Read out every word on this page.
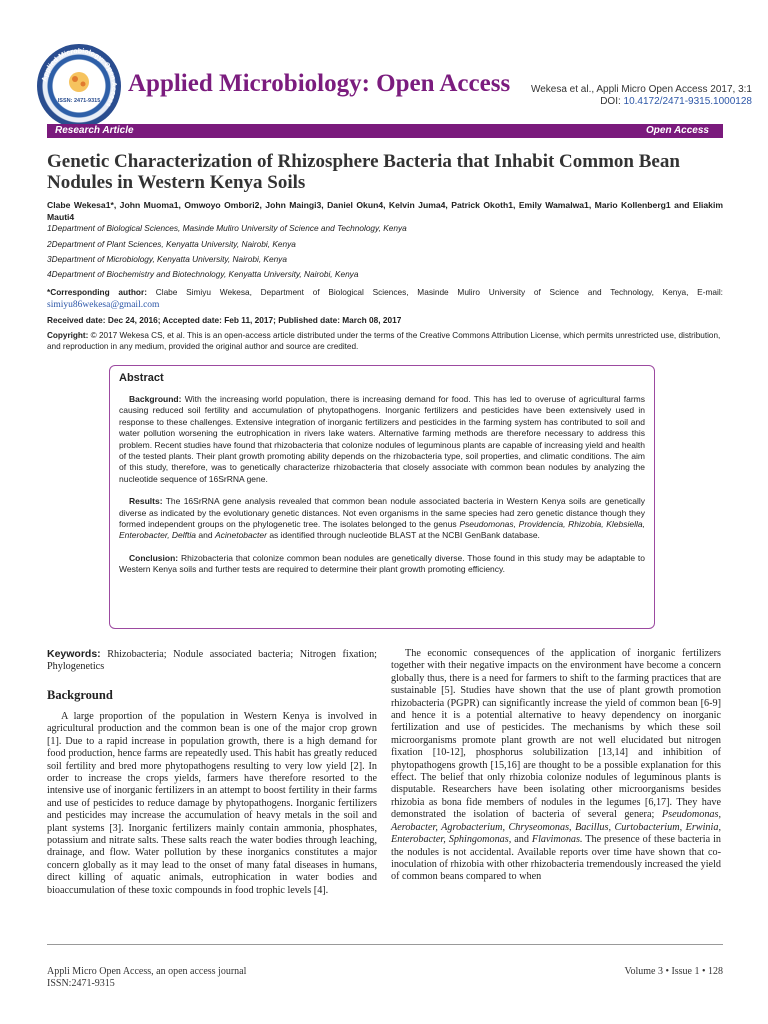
Applied Microbiology: Open Access
ISSN: 2471-9315
Applied Microbiology: Open Access Wekesa et al., Appli Micro Open Access 2017, 3:1
DOI: 10.4172/2471-9315.1000128
Research Article	Open Access
Genetic Characterization of Rhizosphere Bacteria that Inhabit Common Bean Nodules in Western Kenya Soils
Clabe Wekesa1*, John Muoma1, Omwoyo Ombori2, John Maingi3, Daniel Okun4, Kelvin Juma4, Patrick Okoth1, Emily Wamalwa1, Mario Kollenberg1 and Eliakim Mauti4
1Department of Biological Sciences, Masinde Muliro University of Science and Technology, Kenya
2Department of Plant Sciences, Kenyatta University, Nairobi, Kenya
3Department of Microbiology, Kenyatta University, Nairobi, Kenya
4Department of Biochemistry and Biotechnology, Kenyatta University, Nairobi, Kenya
*Corresponding author: Clabe Simiyu Wekesa, Department of Biological Sciences, Masinde Muliro University of Science and Technology, Kenya, E-mail: simiyu86wekesa@gmail.com
Received date: Dec 24, 2016; Accepted date: Feb 11, 2017; Published date: March 08, 2017
Copyright: © 2017 Wekesa CS, et al. This is an open-access article distributed under the terms of the Creative Commons Attribution License, which permits unrestricted use, distribution, and reproduction in any medium, provided the original author and source are credited.
Abstract

Background: With the increasing world population, there is increasing demand for food. This has led to overuse of agricultural farms causing reduced soil fertility and accumulation of phytopathogens. Inorganic fertilizers and pesticides have been extensively used in response to these challenges. Extensive integration of inorganic fertilizers and pesticides in the farming system has contributed to soil and water pollution worsening the eutrophication in rivers lake waters. Alternative farming methods are therefore necessary to address this problem. Recent studies have found that rhizobacteria that colonize nodules of leguminous plants are capable of increasing yield and health of the tested plants. Their plant growth promoting ability depends on the rhizobacteria type, soil properties, and climatic conditions. The aim of this study, therefore, was to genetically characterize rhizobacteria that closely associate with common bean nodules by analyzing the nucleotide sequence of 16SrRNA gene.

Results: The 16SrRNA gene analysis revealed that common bean nodule associated bacteria in Western Kenya soils are genetically diverse as indicated by the evolutionary genetic distances. Not even organisms in the same species had zero genetic distance though they formed independent groups on the phylogenetic tree. The isolates belonged to the genus Pseudomonas, Providencia, Rhizobia, Klebsiella, Enterobacter, Delftia and Acinetobacter as identified through nucleotide BLAST at the NCBI GenBank database.

Conclusion: Rhizobacteria that colonize common bean nodules are genetically diverse. Those found in this study may be adaptable to Western Kenya soils and further tests are required to determine their plant growth promoting efficiency.

Keywords: Rhizobacteria; Nodule associated bacteria; Nitrogen fixation; Phylogenetics
Background
A large proportion of the population in Western Kenya is involved in agricultural production and the common bean is one of the major crop grown [1]. Due to a rapid increase in population growth, there is a high demand for food production, hence farms are repeatedly used. This habit has greatly reduced soil fertility and bred more phytopathogens resulting to very low yield [2]. In order to increase the crops yields, farmers have therefore resorted to the intensive use of inorganic fertilizers in an attempt to boost fertility in their farms and use of pesticides to reduce damage by phytopathogens. Inorganic fertilizers and pesticides may increase the accumulation of heavy metals in the soil and plant systems [3]. Inorganic fertilizers mainly contain ammonia, phosphates, potassium and nitrate salts. These salts reach the water bodies through leaching, drainage, and flow. Water pollution by these inorganics constitutes a major concern globally as it may lead to the onset of many fatal diseases in humans, direct killing of aquatic animals, eutrophication in water bodies and bioaccumulation of these toxic compounds in food trophic levels [4].

The economic consequences of the application of inorganic fertilizers together with their negative impacts on the environment have become a concern globally thus, there is a need for farmers to shift to the farming practices that are sustainable [5]. Studies have shown that the use of plant growth promotion rhizobacteria (PGPR) can significantly increase the yield of common bean [6-9] and hence it is a potential alternative to heavy dependency on inorganic fertilization and use of pesticides. The mechanisms by which these soil microorganisms promote plant growth are not well elucidated but nitrogen fixation [10-12], phosphorus solubilization [13,14] and inhibition of phytopathogens growth [15,16] are thought to be a possible explanation for this effect. The belief that only rhizobia colonize nodules of leguminous plants is disputable. Researchers have been isolating other microorganisms besides rhizobia as bona fide members of nodules in the legumes [6,17]. They have demonstrated the isolation of bacteria of several genera; Pseudomonas, Aerobacter, Agrobacterium, Chryseomonas, Bacillus, Curtobacterium, Erwinia, Enterobacter, Sphingomonas, and Flavimonas. The presence of these bacteria in the nodules is not accidental. Available reports over time have shown that co-inoculation of rhizobia with other rhizobacteria tremendously increased the yield of common beans compared to when

Appli Micro Open Access, an open access journal
ISSN:2471-9315
Volume 3 • Issue 1 • 128
